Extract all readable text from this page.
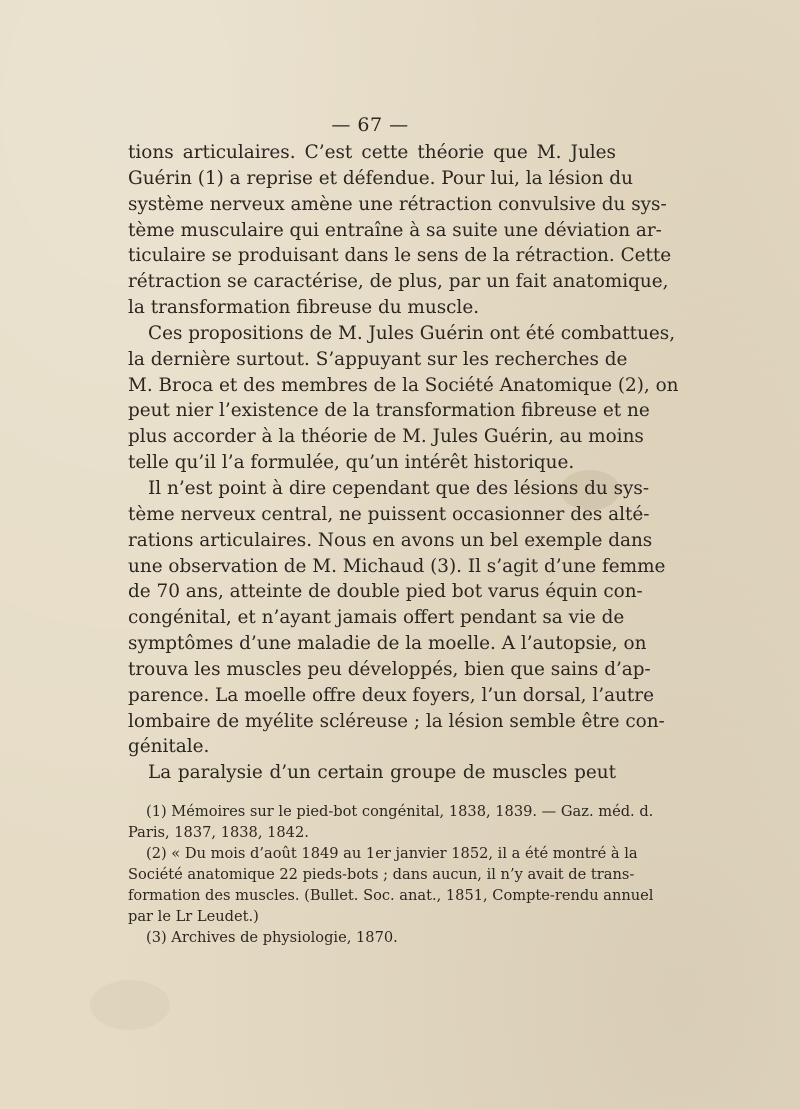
— 67 —
tions articulaires. C’est cette théorie que M. Jules
Guérin (1) a reprise et défendue. Pour lui, la lésion du
système nerveux amène une rétraction convulsive du sys-
tème musculaire qui entraîne à sa suite une déviation ar-
ticulaire se produisant dans le sens de la rétraction. Cette
rétraction se caractérise, de plus, par un fait anatomique,
la transformation fibreuse du muscle.
Ces propositions de M. Jules Guérin ont été combattues,
la dernière surtout. S’appuyant sur les recherches de
M. Broca et des membres de la Société Anatomique (2), on
peut nier l’existence de la transformation fibreuse et ne
plus accorder à la théorie de M. Jules Guérin, au moins
telle qu’il l’a formulée, qu’un intérêt historique.
Il n’est point à dire cependant que des lésions du sys-
tème nerveux central, ne puissent occasionner des alté-
rations articulaires. Nous en avons un bel exemple dans
une observation de M. Michaud (3). Il s’agit d’une femme
de 70 ans, atteinte de double pied bot varus équin con-
congénital, et n’ayant jamais offert pendant sa vie de
symptômes d’une maladie de la moelle. A l’autopsie, on
trouva les muscles peu développés, bien que sains d’ap-
parence. La moelle offre deux foyers, l’un dorsal, l’autre
lombaire de myélite scléreuse ; la lésion semble être con-
génitale.
La paralysie d’un certain groupe de muscles peut
(1) Mémoires sur le pied-bot congénital, 1838, 1839. — Gaz. méd. d.
Paris, 1837, 1838, 1842.
(2) « Du mois d’août 1849 au 1er janvier 1852, il a été montré à la
Société anatomique 22 pieds-bots ; dans aucun, il n’y avait de trans-
formation des muscles. (Bullet. Soc. anat., 1851, Compte-rendu annuel
par le Lr Leudet.)
(3) Archives de physiologie, 1870.
